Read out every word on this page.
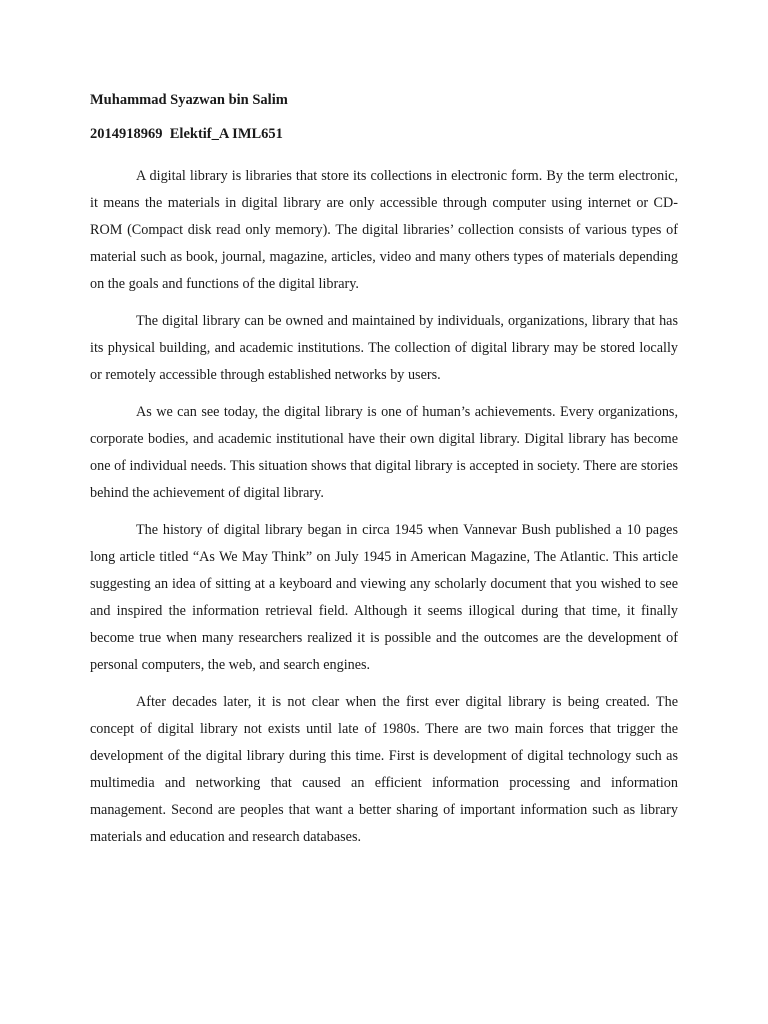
Muhammad Syazwan bin Salim

2014918969  Elektif_A IML651

A digital library is libraries that store its collections in electronic form. By the term electronic, it means the materials in digital library are only accessible through computer using internet or CD-ROM (Compact disk read only memory). The digital libraries’ collection consists of various types of material such as book, journal, magazine, articles, video and many others types of materials depending on the goals and functions of the digital library.

The digital library can be owned and maintained by individuals, organizations, library that has its physical building, and academic institutions. The collection of digital library may be stored locally or remotely accessible through established networks by users.

As we can see today, the digital library is one of human’s achievements. Every organizations, corporate bodies, and academic institutional have their own digital library. Digital library has become one of individual needs. This situation shows that digital library is accepted in society. There are stories behind the achievement of digital library.

The history of digital library began in circa 1945 when Vannevar Bush published a 10 pages long article titled “As We May Think” on July 1945 in American Magazine, The Atlantic. This article suggesting an idea of sitting at a keyboard and viewing any scholarly document that you wished to see and inspired the information retrieval field. Although it seems illogical during that time, it finally become true when many researchers realized it is possible and the outcomes are the development of personal computers, the web, and search engines.

After decades later, it is not clear when the first ever digital library is being created. The concept of digital library not exists until late of 1980s. There are two main forces that trigger the development of the digital library during this time. First is development of digital technology such as multimedia and networking that caused an efficient information processing and information management. Second are peoples that want a better sharing of important information such as library materials and education and research databases.
